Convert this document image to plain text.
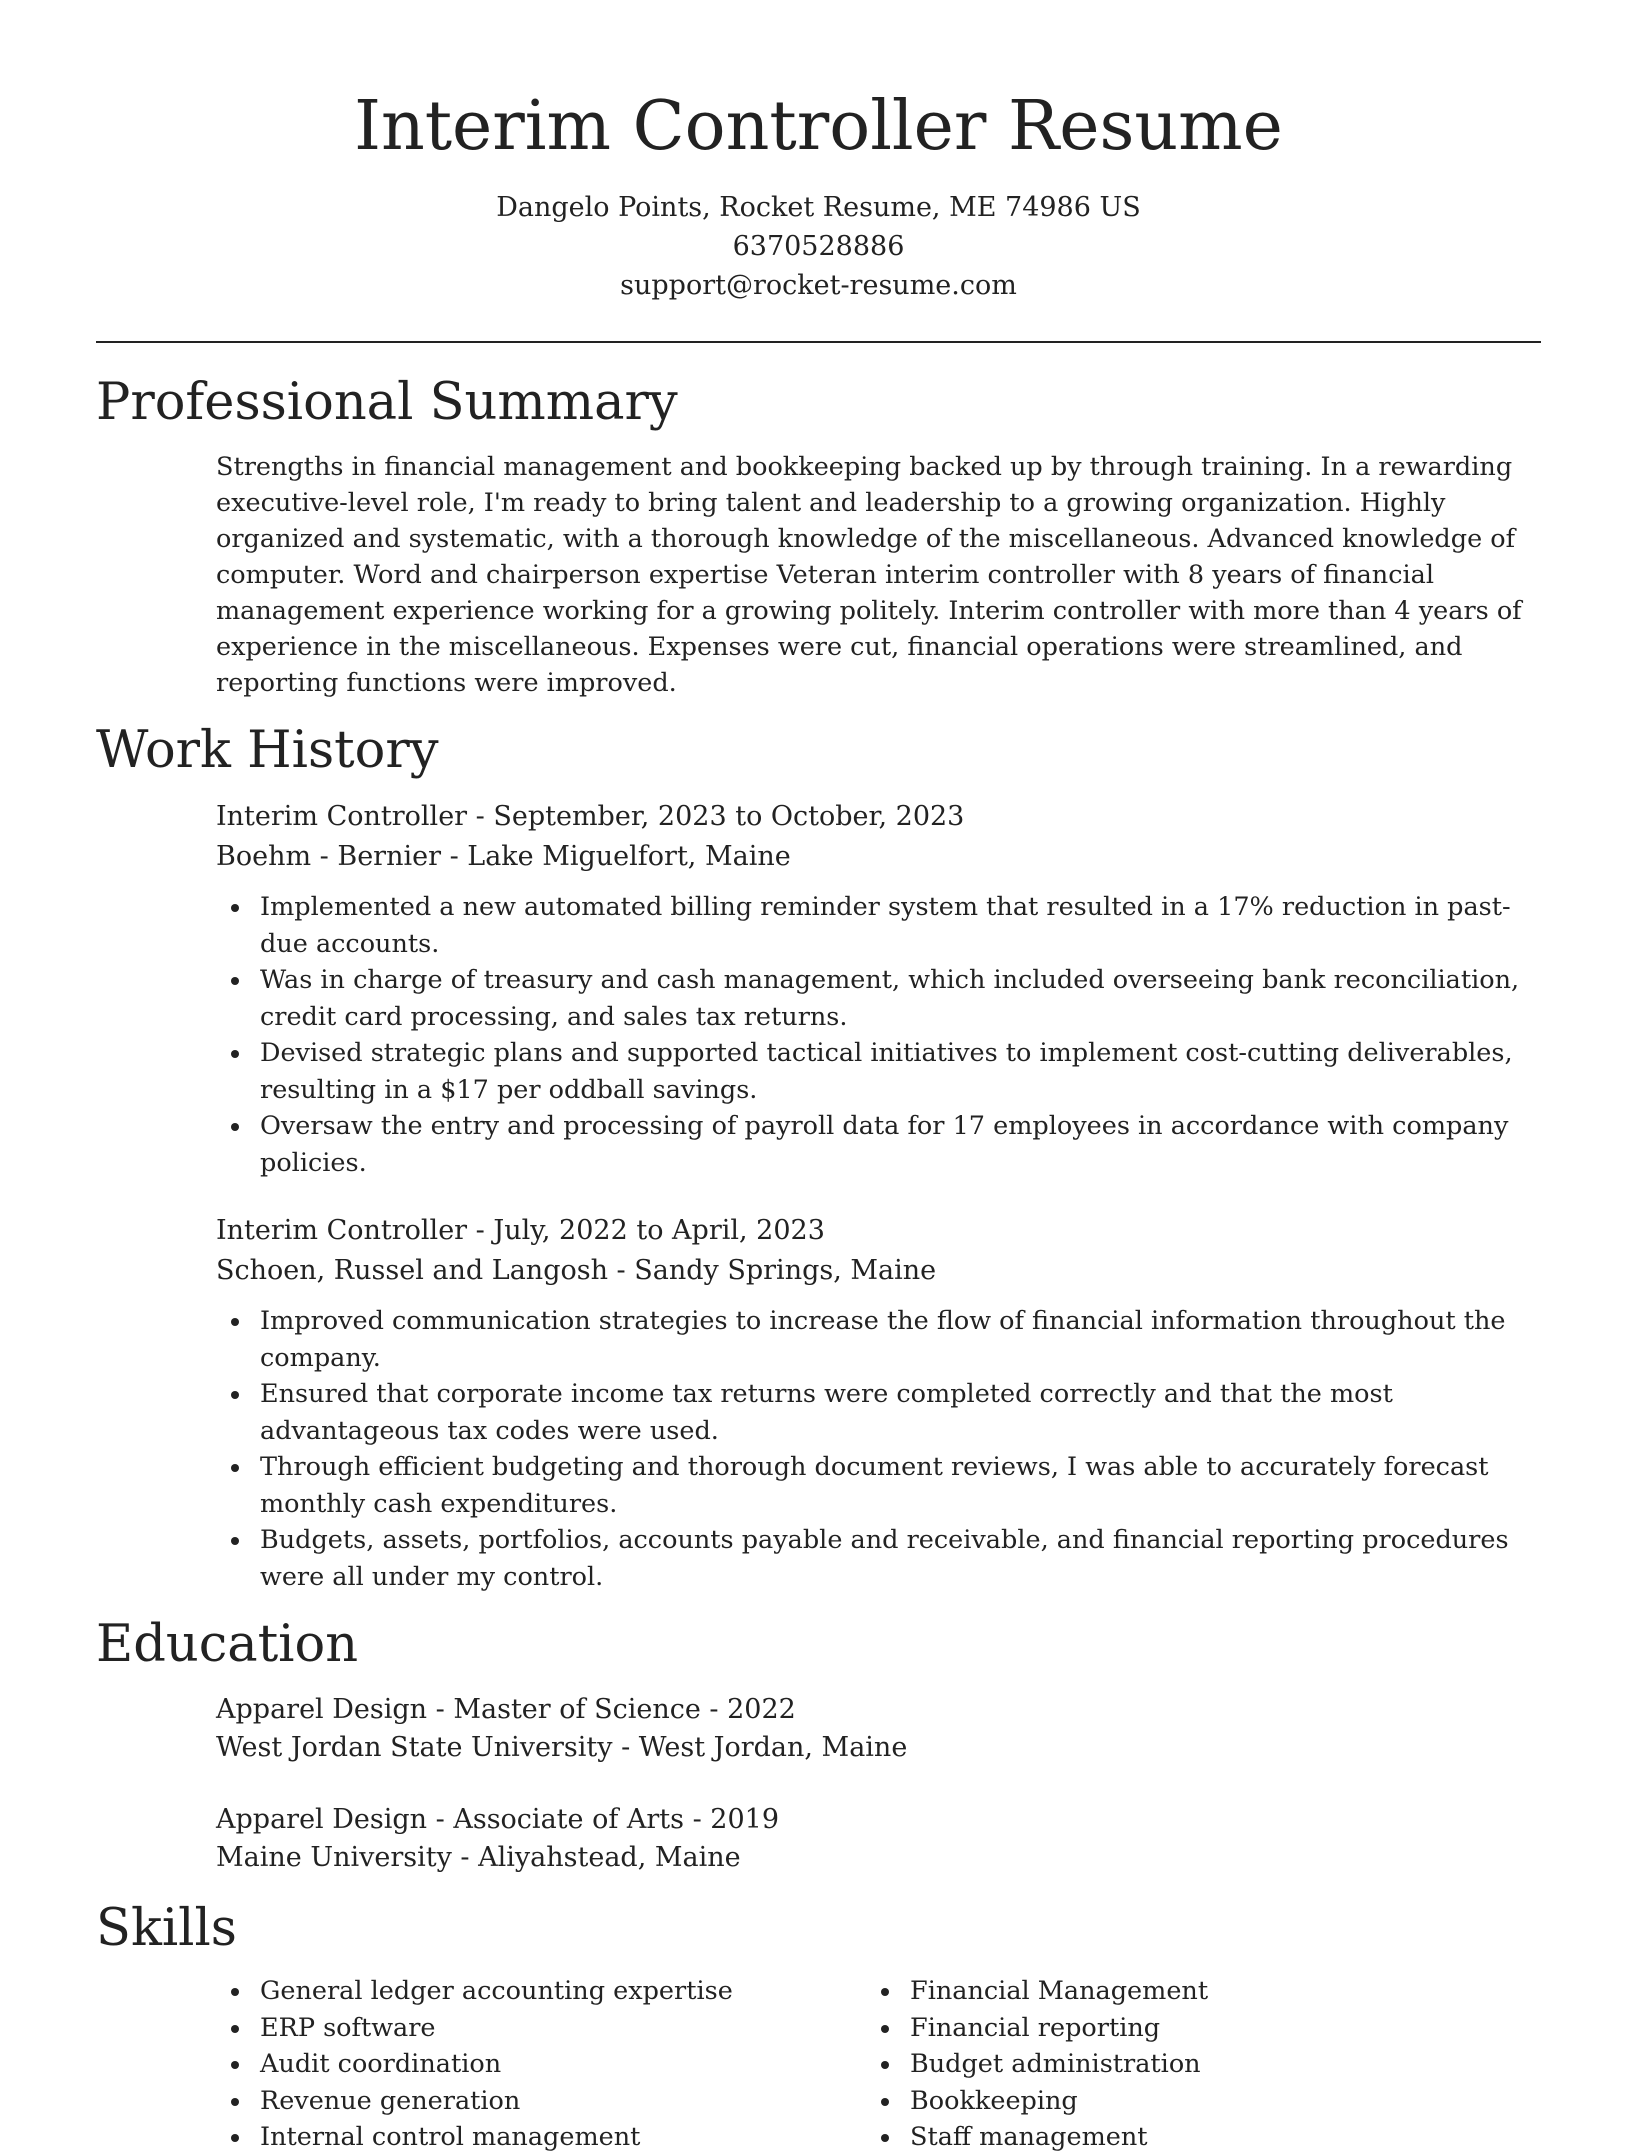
Interim Controller Resume

Dangelo Points, Rocket Resume, ME 74986 US

6370528886

support@rocket-resume.com

Professional Summary

Strengths in financial management and bookkeeping backed up by through training. In a rewarding executive-level role, I'm ready to bring talent and leadership to a growing organization. Highly organized and systematic, with a thorough knowledge of the miscellaneous. Advanced knowledge of computer. Word and chairperson expertise Veteran interim controller with 8 years of financial management experience working for a growing politely. Interim controller with more than 4 years of experience in the miscellaneous. Expenses were cut, financial operations were streamlined, and reporting functions were improved.

Work History

Interim Controller - September, 2023 to October, 2023

Boehm - Bernier - Lake Miguelfort, Maine

Implemented a new automated billing reminder system that resulted in a 17% reduction in past-due accounts.
Was in charge of treasury and cash management, which included overseeing bank reconciliation, credit card processing, and sales tax returns.
Devised strategic plans and supported tactical initiatives to implement cost-cutting deliverables, resulting in a $17 per oddball savings.
Oversaw the entry and processing of payroll data for 17 employees in accordance with company policies.

Interim Controller - July, 2022 to April, 2023

Schoen, Russel and Langosh - Sandy Springs, Maine

Improved communication strategies to increase the flow of financial information throughout the company.
Ensured that corporate income tax returns were completed correctly and that the most advantageous tax codes were used.
Through efficient budgeting and thorough document reviews, I was able to accurately forecast monthly cash expenditures.
Budgets, assets, portfolios, accounts payable and receivable, and financial reporting procedures were all under my control.
Education

Apparel Design - Master of Science - 2022

West Jordan State University - West Jordan, Maine

Apparel Design - Associate of Arts - 2019

Maine University - Aliyahstead, Maine

Skills
General ledger accounting expertise
ERP software
Audit coordination
Revenue generation
Internal control management
Financial Management
Financial reporting
Budget administration
Bookkeeping
Staff management
